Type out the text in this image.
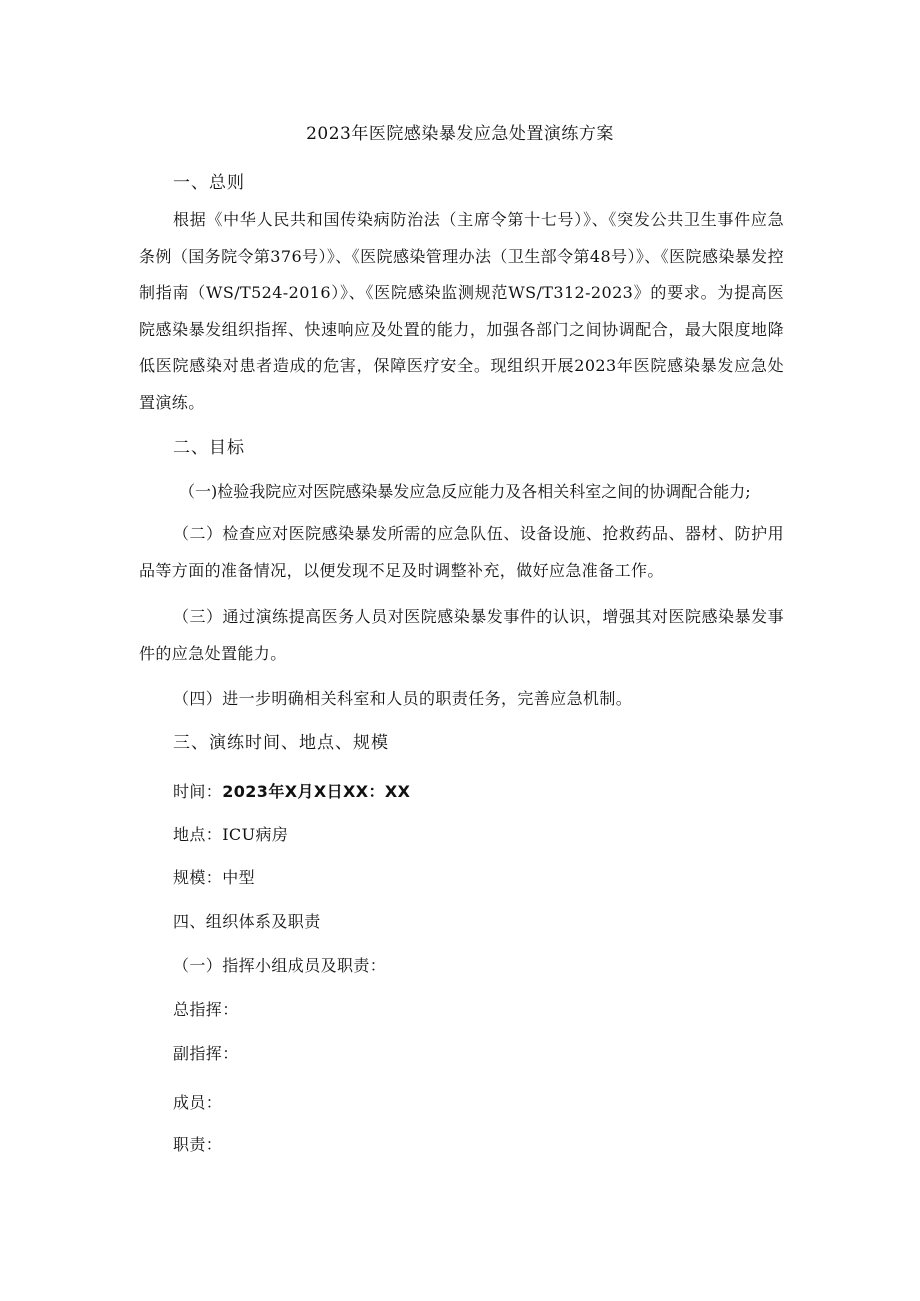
2023年医院感染暴发应急处置演练方案
一、总则
根据《中华人民共和国传染病防治法（主席令第十七号）》、《突发公共卫生事件应急条例（国务院令第376号）》、《医院感染管理办法（卫生部令第48号）》、《医院感染暴发控制指南（WS/T524-2016）》、《医院感染监测规范WS/T312-2023》的要求。为提高医院感染暴发组织指挥、快速响应及处置的能力，加强各部门之间协调配合，最大限度地降低医院感染对患者造成的危害，保障医疗安全。现组织开展2023年医院感染暴发应急处置演练。
二、目标
（一)检验我院应对医院感染暴发应急反应能力及各相关科室之间的协调配合能力;
（二）检查应对医院感染暴发所需的应急队伍、设备设施、抢救药品、器材、防护用品等方面的准备情况，以便发现不足及时调整补充，做好应急准备工作。
（三）通过演练提高医务人员对医院感染暴发事件的认识，增强其对医院感染暴发事件的应急处置能力。
（四）进一步明确相关科室和人员的职责任务，完善应急机制。
三、演练时间、地点、规模
时间：2023年X月X日XX：XX
地点：ICU病房
规模：中型
四、组织体系及职责
（一）指挥小组成员及职责：
总指挥：
副指挥：
成员：
职责：
